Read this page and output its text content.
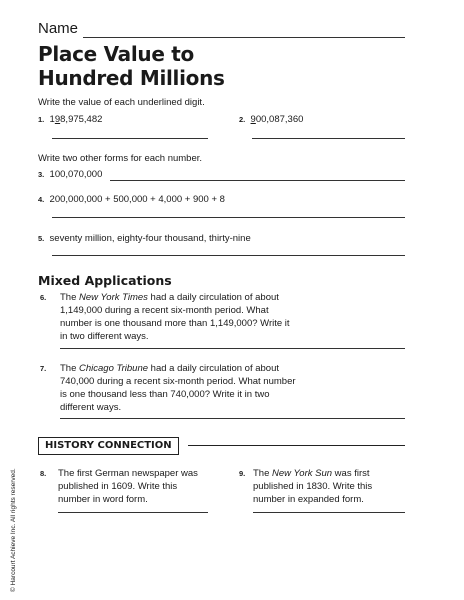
Name
Place Value to
Hundred Millions
Write the value of each underlined digit.
1. 198,975,482	2. 900,087,360
Write two other forms for each number.
3. 100,070,000
4. 200,000,000 + 500,000 + 4,000 + 900 + 8
5. seventy million, eighty-four thousand, thirty-nine
Mixed Applications
6. The New York Times had a daily circulation of about
1,149,000 during a recent six-month period. What
number is one thousand more than 1,149,000? Write it
in two different ways.
7. The Chicago Tribune had a daily circulation of about
740,000 during a recent six-month period. What number
is one thousand less than 740,000? Write it in two
different ways.
HISTORY CONNECTION
8. The first German newspaper was
published in 1609. Write this
number in word form.
9. The New York Sun was first
published in 1830. Write this
number in expanded form.
© Harcourt Achieve Inc. All rights reserved.
